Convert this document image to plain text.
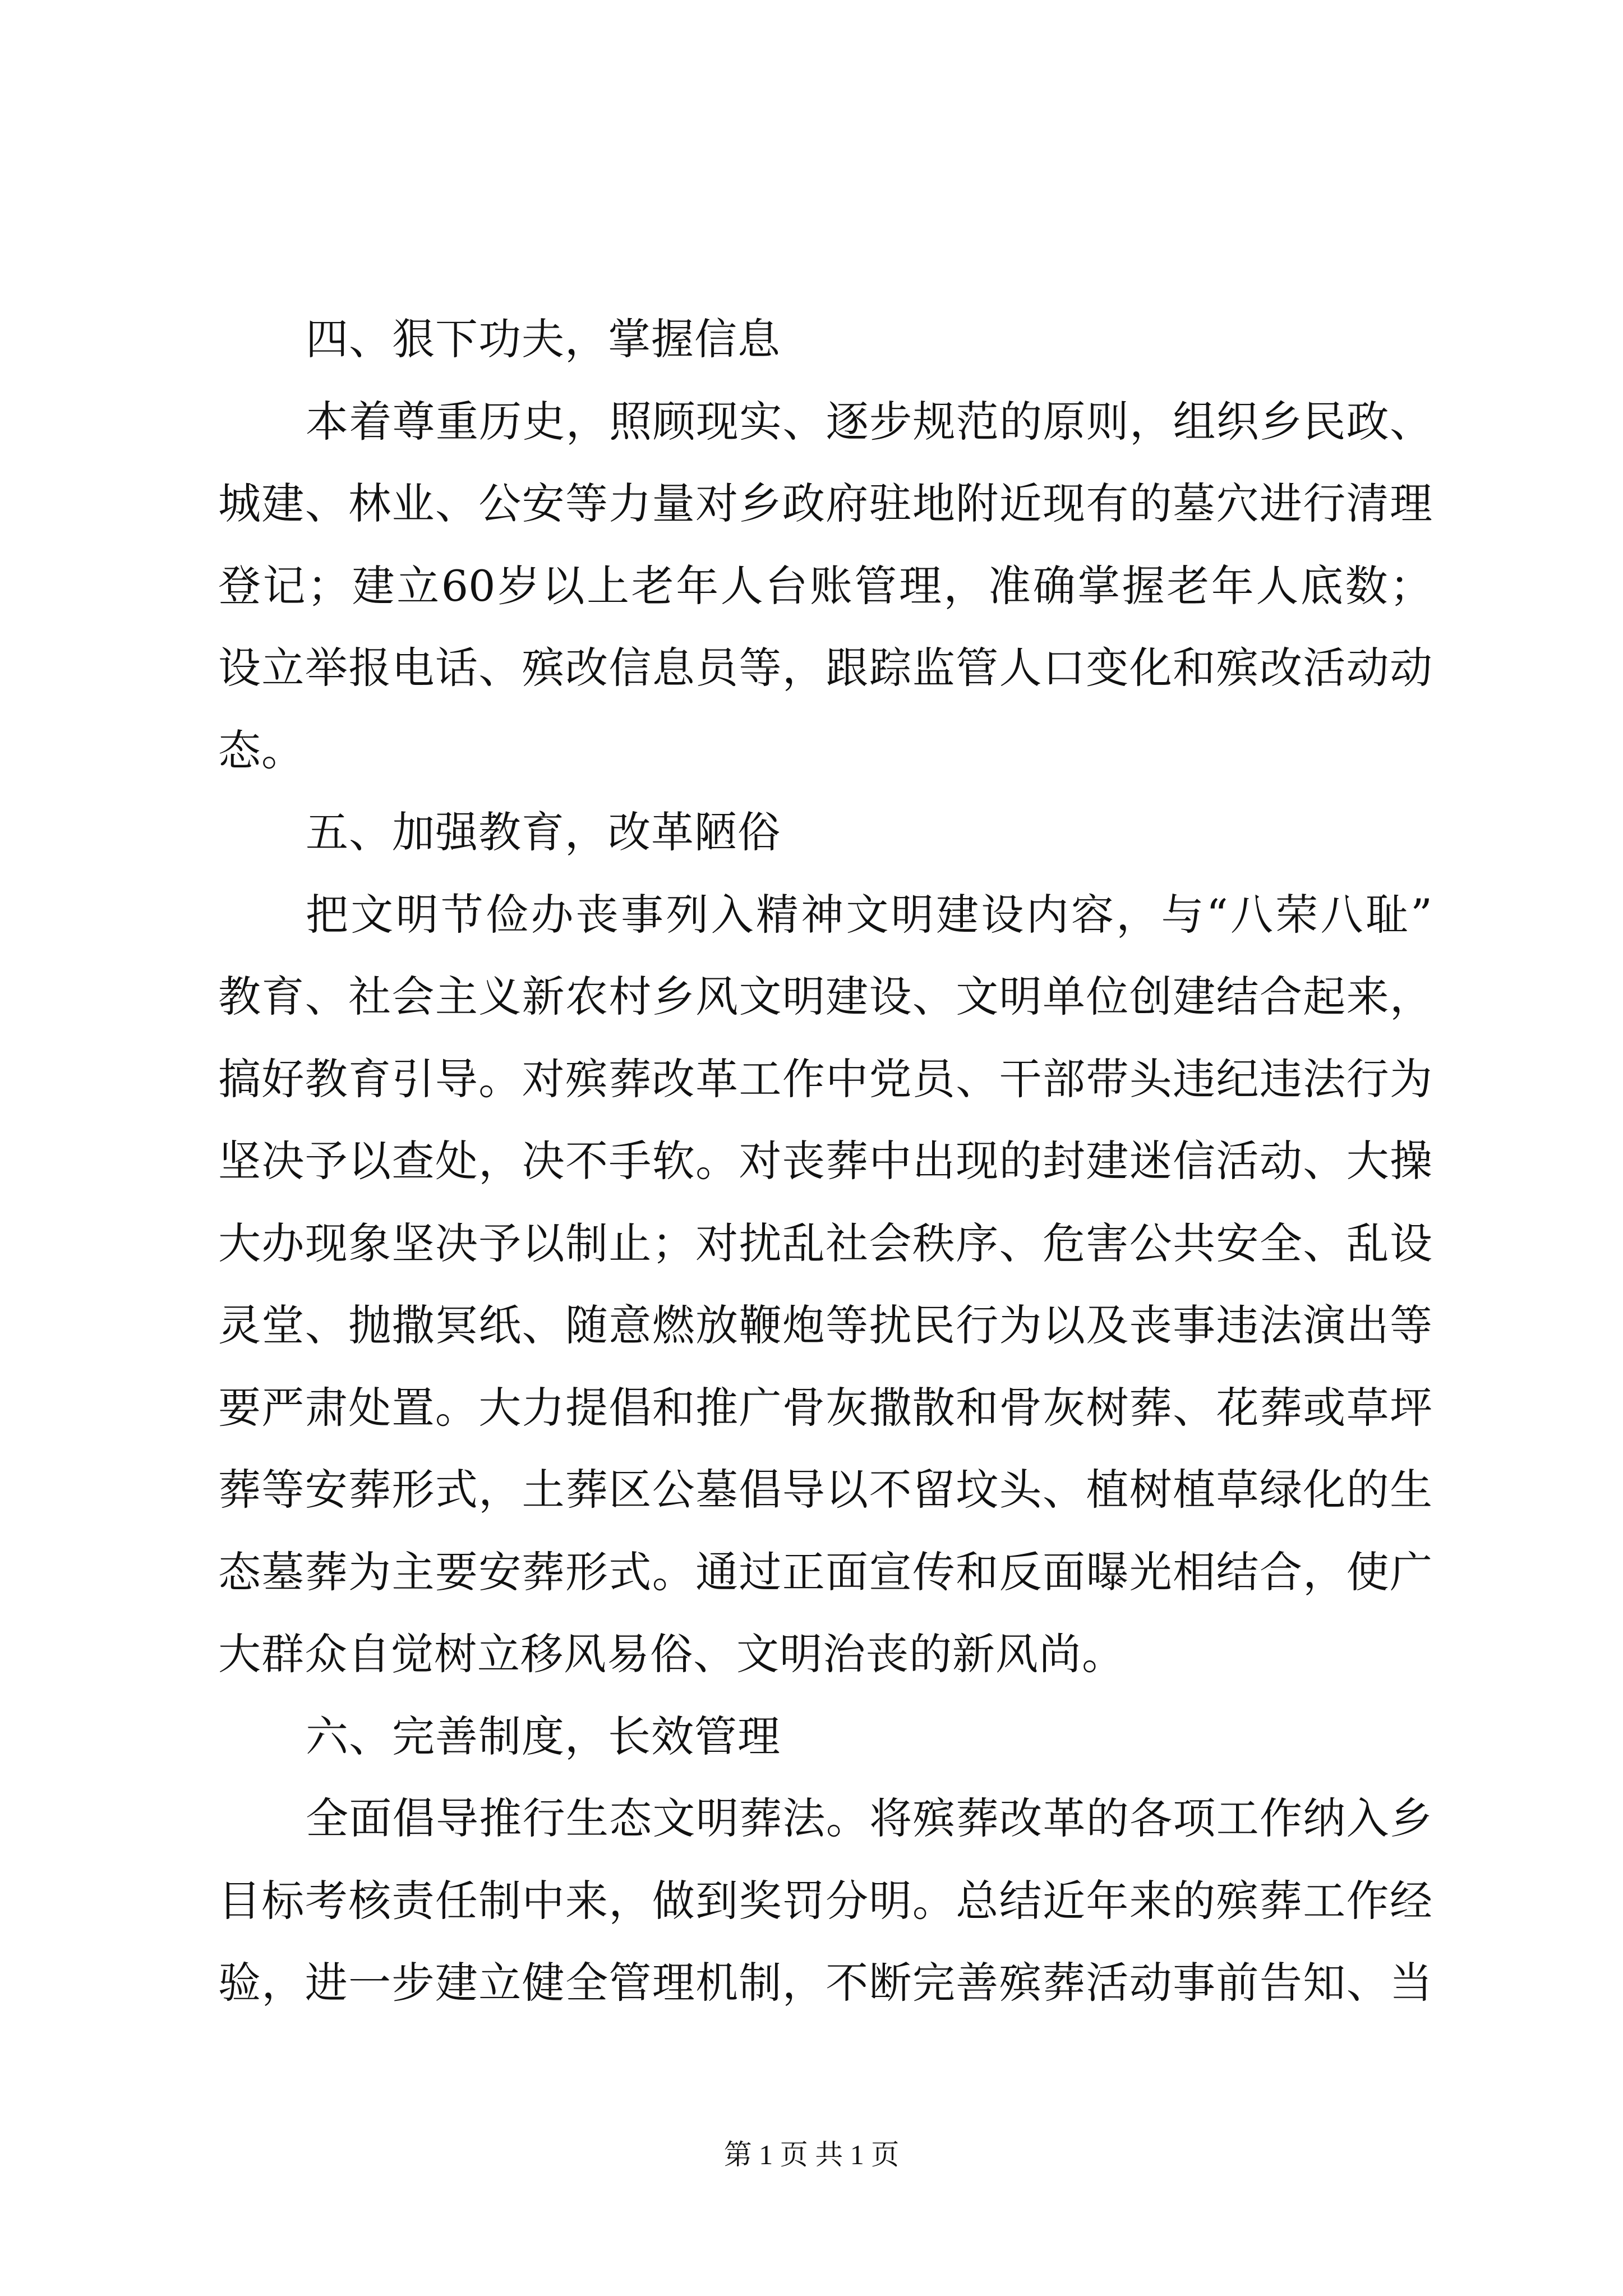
四、狠下功夫，掌握信息
本着尊重历史，照顾现实、逐步规范的原则，组织乡民政、
城建、林业、公安等力量对乡政府驻地附近现有的墓穴进行清理
登记；建立60岁以上老年人台账管理，准确掌握老年人底数；
设立举报电话、殡改信息员等，跟踪监管人口变化和殡改活动动
态。
五、加强教育，改革陋俗
把文明节俭办丧事列入精神文明建设内容，与“八荣八耻”
教育、社会主义新农村乡风文明建设、文明单位创建结合起来，
搞好教育引导。对殡葬改革工作中党员、干部带头违纪违法行为
坚决予以查处，决不手软。对丧葬中出现的封建迷信活动、大操
大办现象坚决予以制止；对扰乱社会秩序、危害公共安全、乱设
灵堂、抛撒冥纸、随意燃放鞭炮等扰民行为以及丧事违法演出等
要严肃处置。大力提倡和推广骨灰撒散和骨灰树葬、花葬或草坪
葬等安葬形式，土葬区公墓倡导以不留坟头、植树植草绿化的生
态墓葬为主要安葬形式。通过正面宣传和反面曝光相结合，使广
大群众自觉树立移风易俗、文明治丧的新风尚。
六、完善制度，长效管理
全面倡导推行生态文明葬法。将殡葬改革的各项工作纳入乡
目标考核责任制中来，做到奖罚分明。总结近年来的殡葬工作经
验，进一步建立健全管理机制，不断完善殡葬活动事前告知、当
第 1 页 共 1 页
